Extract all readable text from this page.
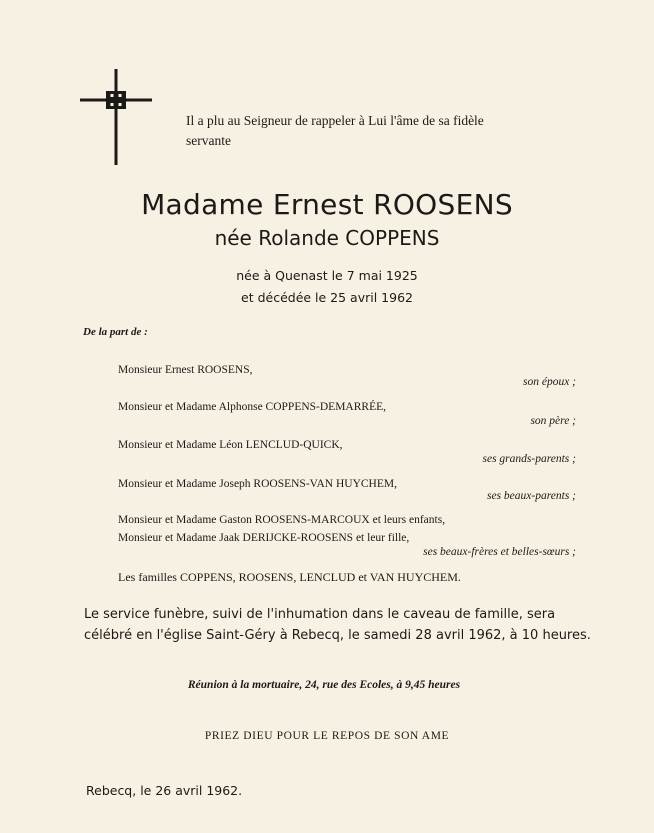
Il a plu au Seigneur de rappeler à Lui l'âme de sa fidèle
servante
Madame Ernest ROOSENS
née Rolande COPPENS
née à Quenast le 7 mai 1925
et décédée le 25 avril 1962
De la part de :
Monsieur Ernest ROOSENS,
son époux ;
Monsieur et Madame Alphonse COPPENS-DEMARRÉE,
son père ;
Monsieur et Madame Léon LENCLUD-QUICK,
ses grands-parents ;
Monsieur et Madame Joseph ROOSENS-VAN HUYCHEM,
ses beaux-parents ;
Monsieur et Madame Gaston ROOSENS-MARCOUX et leurs enfants,
Monsieur et Madame Jaak DERIJCKE-ROOSENS et leur fille,
ses beaux-frères et belles-sœurs ;
Les familles COPPENS, ROOSENS, LENCLUD et VAN HUYCHEM.
Le service funèbre, suivi de l'inhumation dans le caveau de famille, sera
célébré en l'église Saint-Géry à Rebecq, le samedi 28 avril 1962, à 10 heures.
Réunion à la mortuaire, 24, rue des Ecoles, à 9,45 heures
PRIEZ DIEU POUR LE REPOS DE SON AME
Rebecq, le 26 avril 1962.
